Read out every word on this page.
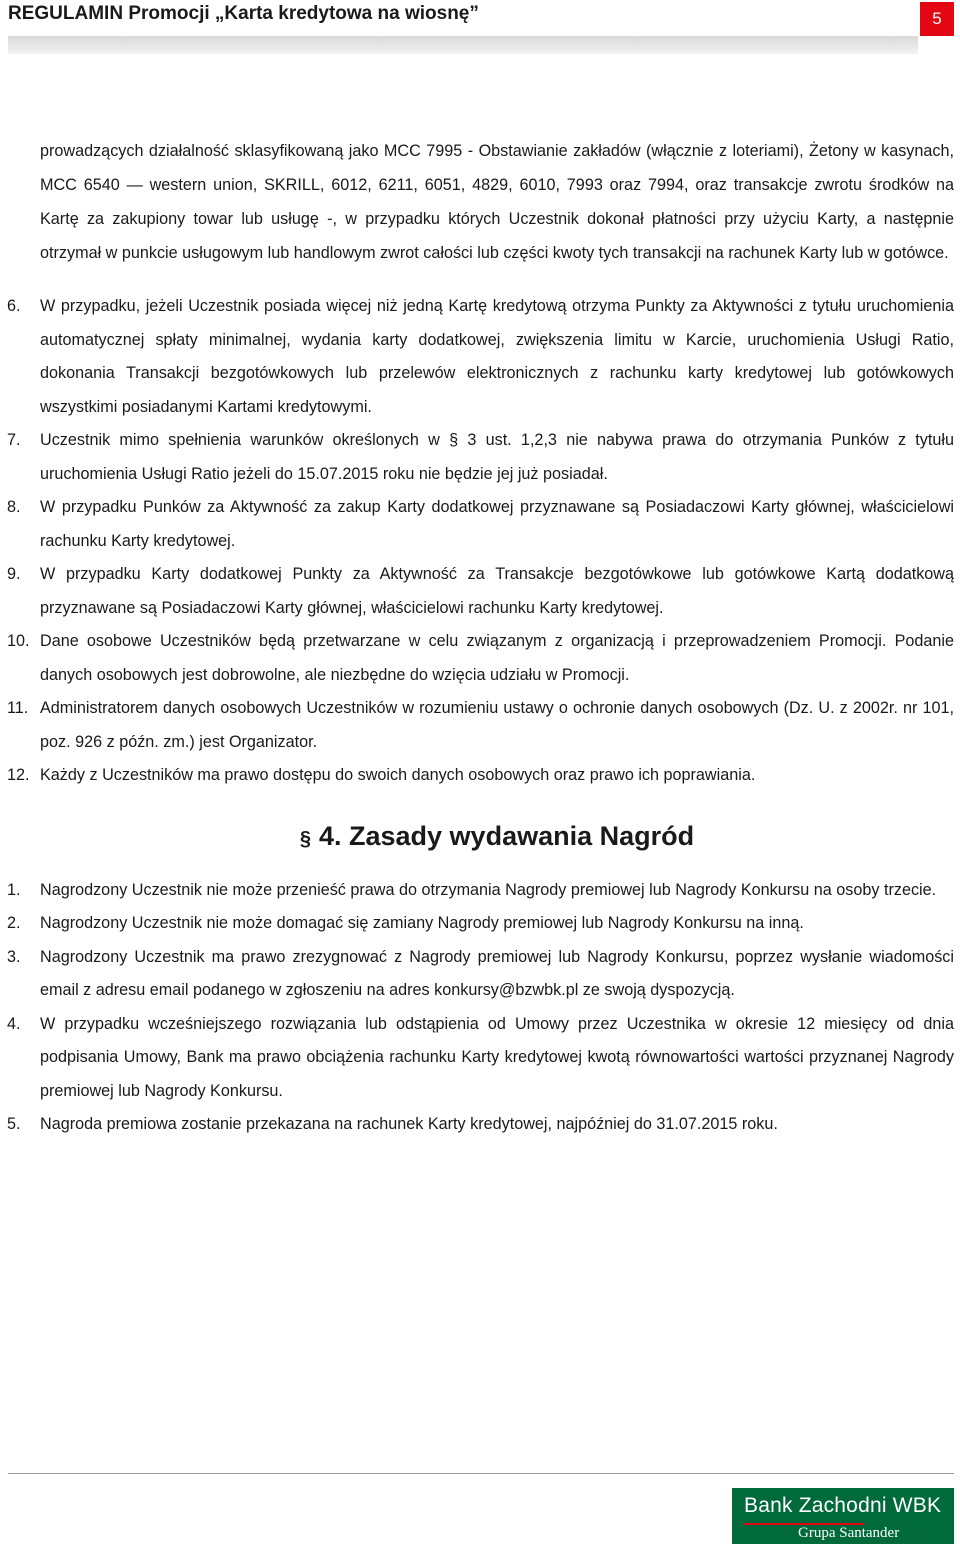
REGULAMIN Promocji „Karta kredytowa na wiosnę”	5
prowadzących działalność sklasyfikowaną jako MCC 7995 - Obstawianie zakładów (włącznie z loteriami), Żetony w kasynach, MCC 6540 — western union, SKRILL, 6012, 6211, 6051, 4829, 6010, 7993 oraz 7994, oraz transakcje zwrotu środków na Kartę za zakupiony towar lub usługę -, w przypadku których Uczestnik dokonał płatności przy użyciu Karty, a następnie otrzymał w punkcie usługowym lub handlowym zwrot całości lub części kwoty tych transakcji na rachunek Karty lub w gotówce.
6. W przypadku, jeżeli Uczestnik posiada więcej niż jedną Kartę kredytową otrzyma Punkty za Aktywności z tytułu uruchomienia automatycznej spłaty minimalnej, wydania karty dodatkowej, zwiększenia limitu w Karcie, uruchomienia Usługi Ratio, dokonania Transakcji bezgotówkowych lub przelewów elektronicznych z rachunku karty kredytowej lub gotówkowych wszystkimi posiadanymi Kartami kredytowymi.
7. Uczestnik mimo spełnienia warunków określonych w § 3 ust. 1,2,3 nie nabywa prawa do otrzymania Punków z tytułu uruchomienia Usługi Ratio jeżeli do 15.07.2015 roku nie będzie jej już posiadał.
8. W przypadku Punków za Aktywność za zakup Karty dodatkowej przyznawane są Posiadaczowi Karty głównej, właścicielowi rachunku Karty kredytowej.
9. W przypadku Karty dodatkowej Punkty za Aktywność za Transakcje bezgotówkowe lub gotówkowe Kartą dodatkową przyznawane są Posiadaczowi Karty głównej, właścicielowi rachunku Karty kredytowej.
10. Dane osobowe Uczestników będą przetwarzane w celu związanym z organizacją i przeprowadzeniem Promocji. Podanie danych osobowych jest dobrowolne, ale niezbędne do wzięcia udziału w Promocji.
11. Administratorem danych osobowych Uczestników w rozumieniu ustawy o ochronie danych osobowych (Dz. U. z 2002r. nr 101, poz. 926 z późn. zm.) jest Organizator.
12. Każdy z Uczestników ma prawo dostępu do swoich danych osobowych oraz prawo ich poprawiania.
§ 4. Zasady wydawania Nagród
1. Nagrodzony Uczestnik nie może przenieść prawa do otrzymania Nagrody premiowej lub Nagrody Konkursu na osoby trzecie.
2. Nagrodzony Uczestnik nie może domagać się zamiany Nagrody premiowej lub Nagrody Konkursu na inną.
3. Nagrodzony Uczestnik ma prawo zrezygnować z Nagrody premiowej lub Nagrody Konkursu, poprzez wysłanie wiadomości email z adresu email podanego w zgłoszeniu na adres konkursy@bzwbk.pl ze swoją dyspozycją.
4. W przypadku wcześniejszego rozwiązania lub odstąpienia od Umowy przez Uczestnika w okresie 12 miesięcy od dnia podpisania Umowy, Bank ma prawo obciążenia rachunku Karty kredytowej kwotą równowartości wartości przyznanej Nagrody premiowej lub Nagrody Konkursu.
5. Nagroda premiowa zostanie przekazana na rachunek Karty kredytowej, najpóźniej do 31.07.2015 roku.
Bank Zachodni WBK
Grupa Santander
